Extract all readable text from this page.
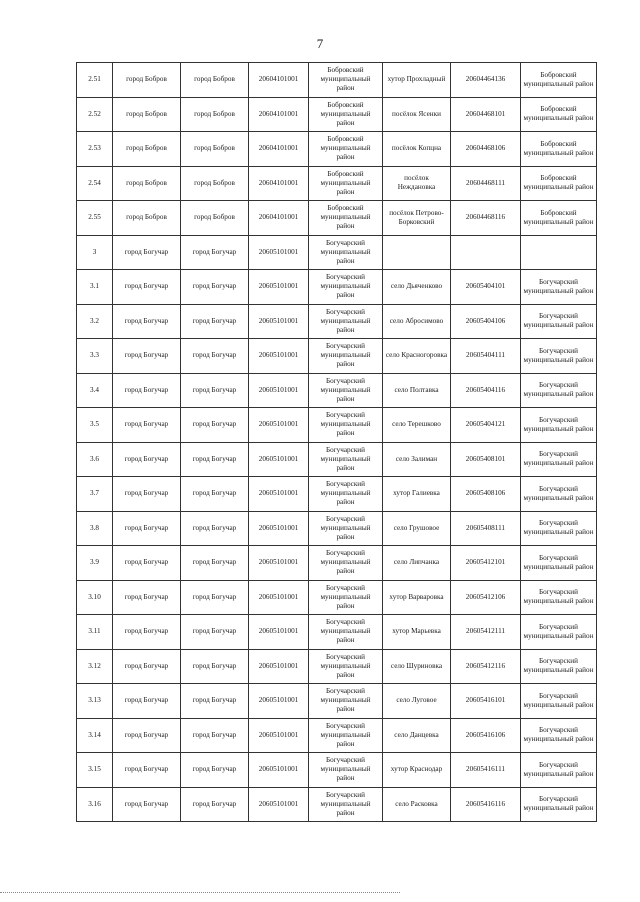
7
2.51	город Бобров	город Бобров	20604101001	Бобровский муниципальный район	хутор Прохладный	20604464136	Бобровский муниципальный район
2.52	город Бобров	город Бобров	20604101001	Бобровский муниципальный район	посёлок Ясенки	20604468101	Бобровский муниципальный район
2.53	город Бобров	город Бобров	20604101001	Бобровский муниципальный район	посёлок Копцна	20604468106	Бобровский муниципальный район
2.54	город Бобров	город Бобров	20604101001	Бобровский муниципальный район	посёлок Неждановка	20604468111	Бобровский муниципальный район
2.55	город Бобров	город Бобров	20604101001	Бобровский муниципальный район	посёлок Петрово-Борковский	20604468116	Бобровский муниципальный район
3	город Богучар	город Богучар	20605101001	Богучарский муниципальный район			
3.1	город Богучар	город Богучар	20605101001	Богучарский муниципальный район	село Дьяченково	20605404101	Богучарский муниципальный район
3.2	город Богучар	город Богучар	20605101001	Богучарский муниципальный район	село Абросимово	20605404106	Богучарский муниципальный район
3.3	город Богучар	город Богучар	20605101001	Богучарский муниципальный район	село Красногоровка	20605404111	Богучарский муниципальный район
3.4	город Богучар	город Богучар	20605101001	Богучарский муниципальный район	село Полтавка	20605404116	Богучарский муниципальный район
3.5	город Богучар	город Богучар	20605101001	Богучарский муниципальный район	село Терешково	20605404121	Богучарский муниципальный район
3.6	город Богучар	город Богучар	20605101001	Богучарский муниципальный район	село Залиман	20605408101	Богучарский муниципальный район
3.7	город Богучар	город Богучар	20605101001	Богучарский муниципальный район	хутор Галиевка	20605408106	Богучарский муниципальный район
3.8	город Богучар	город Богучар	20605101001	Богучарский муниципальный район	село Грушовое	20605408111	Богучарский муниципальный район
3.9	город Богучар	город Богучар	20605101001	Богучарский муниципальный район	село Липчанка	20605412101	Богучарский муниципальный район
3.10	город Богучар	город Богучар	20605101001	Богучарский муниципальный район	хутор Варваровка	20605412106	Богучарский муниципальный район
3.11	город Богучар	город Богучар	20605101001	Богучарский муниципальный район	хутор Марьевка	20605412111	Богучарский муниципальный район
3.12	город Богучар	город Богучар	20605101001	Богучарский муниципальный район	село Шуриновка	20605412116	Богучарский муниципальный район
3.13	город Богучар	город Богучар	20605101001	Богучарский муниципальный район	село Луговое	20605416101	Богучарский муниципальный район
3.14	город Богучар	город Богучар	20605101001	Богучарский муниципальный район	село Данцевка	20605416106	Богучарский муниципальный район
3.15	город Богучар	город Богучар	20605101001	Богучарский муниципальный район	хутор Краснодар	20605416111	Богучарский муниципальный район
3.16	город Богучар	город Богучар	20605101001	Богучарский муниципальный район	село Расковка	20605416116	Богучарский муниципальный район
